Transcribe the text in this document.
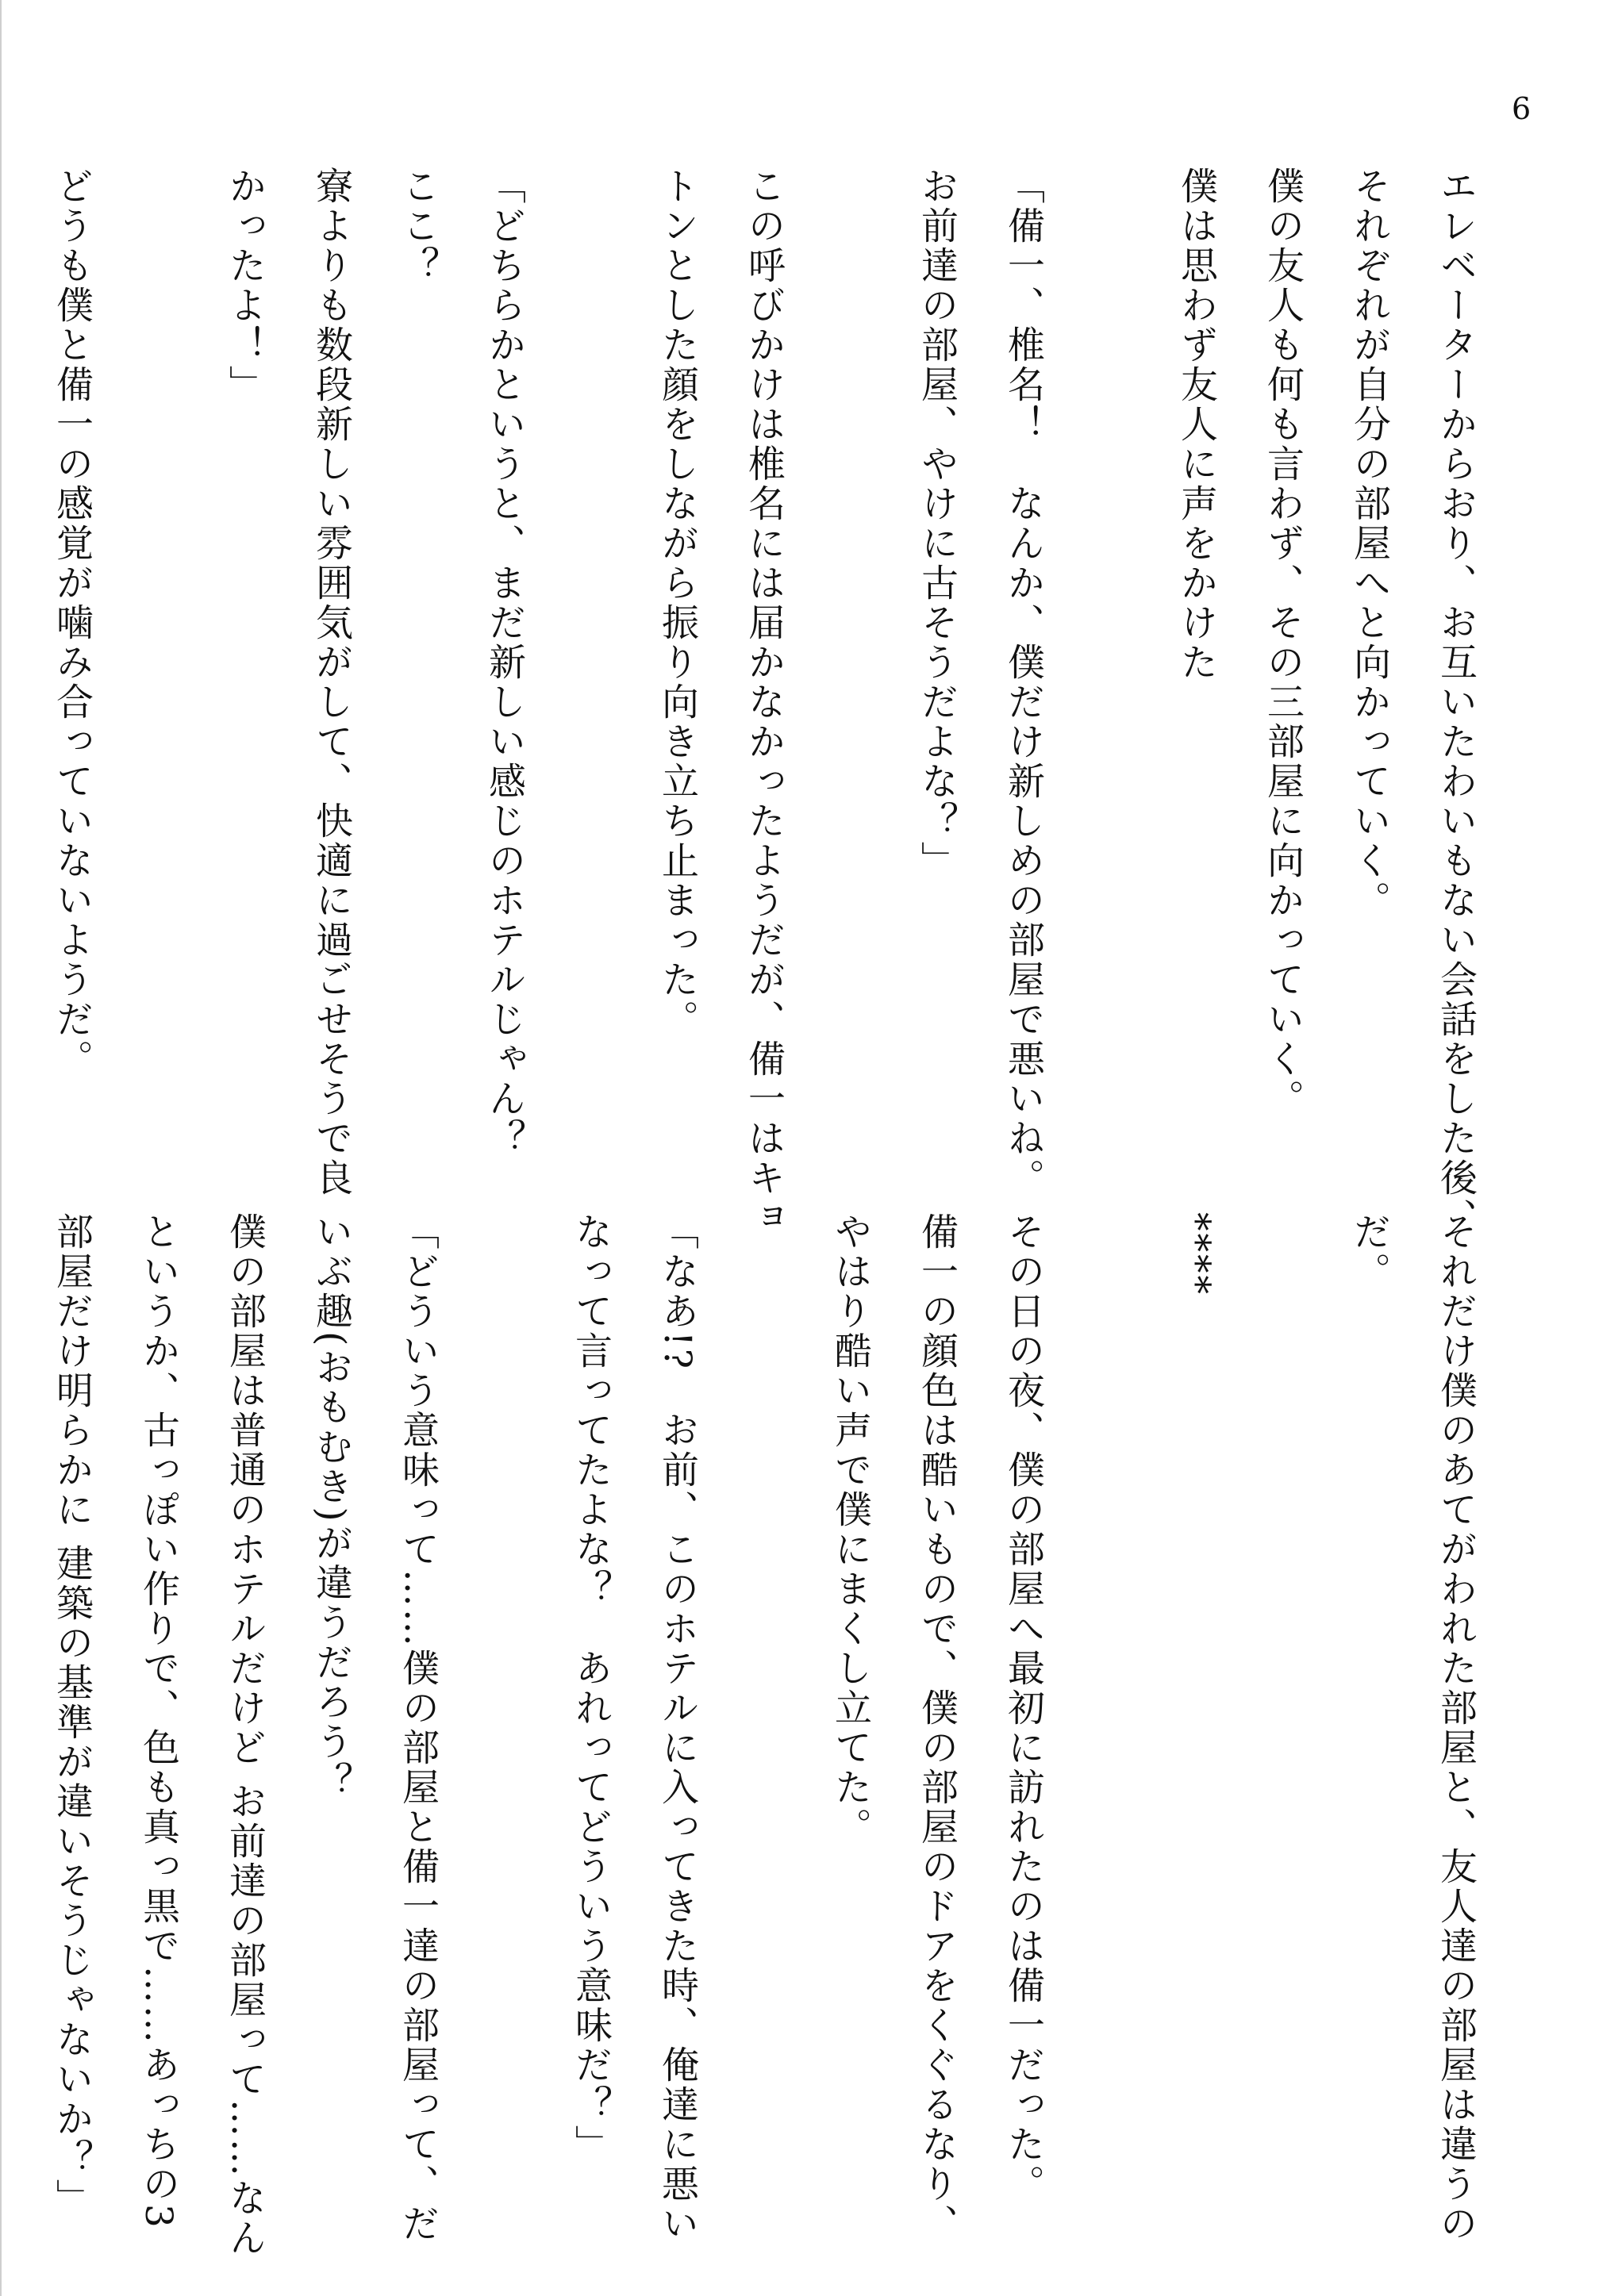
6
エレベーターからおり、お互いたわいもない会話をした後、
それぞれが自分の部屋へと向かっていく。
僕の友人も何も言わず、その三部屋に向かっていく。
僕は思わず友人に声をかけた
「備一、椎名！　なんか、僕だけ新しめの部屋で悪いね。
お前達の部屋、やけに古そうだよな？」
この呼びかけは椎名には届かなかったようだが、備一はキョ
トンとした顔をしながら振り向き立ち止まった。
「どちらかというと、まだ新しい感じのホテルじゃん？
ここ？
寮よりも数段新しい雰囲気がして、快適に過ごせそうで良
かったよ！」
どうも僕と備一の感覚が噛み合っていないようだ。
それだけ僕のあてがわれた部屋と、友人達の部屋は違うの
だ。
****
その日の夜、僕の部屋へ最初に訪れたのは備一だった。
備一の顔色は酷いもので、僕の部屋のドアをくぐるなり、
やはり酷い声で僕にまくし立てた。
「なあ!?　お前、このホテルに入ってきた時、俺達に悪い
なって言ってたよな？　あれってどういう意味だ？」
「どういう意味って……僕の部屋と備一達の部屋って、だ
いぶ趣(おもむき)が違うだろう？
僕の部屋は普通のホテルだけど お前達の部屋って……なん
というか、古っぽい作りで、色も真っ黒で……あっちの3
部屋だけ明らかに 建築の基準が違いそうじゃないか？」
